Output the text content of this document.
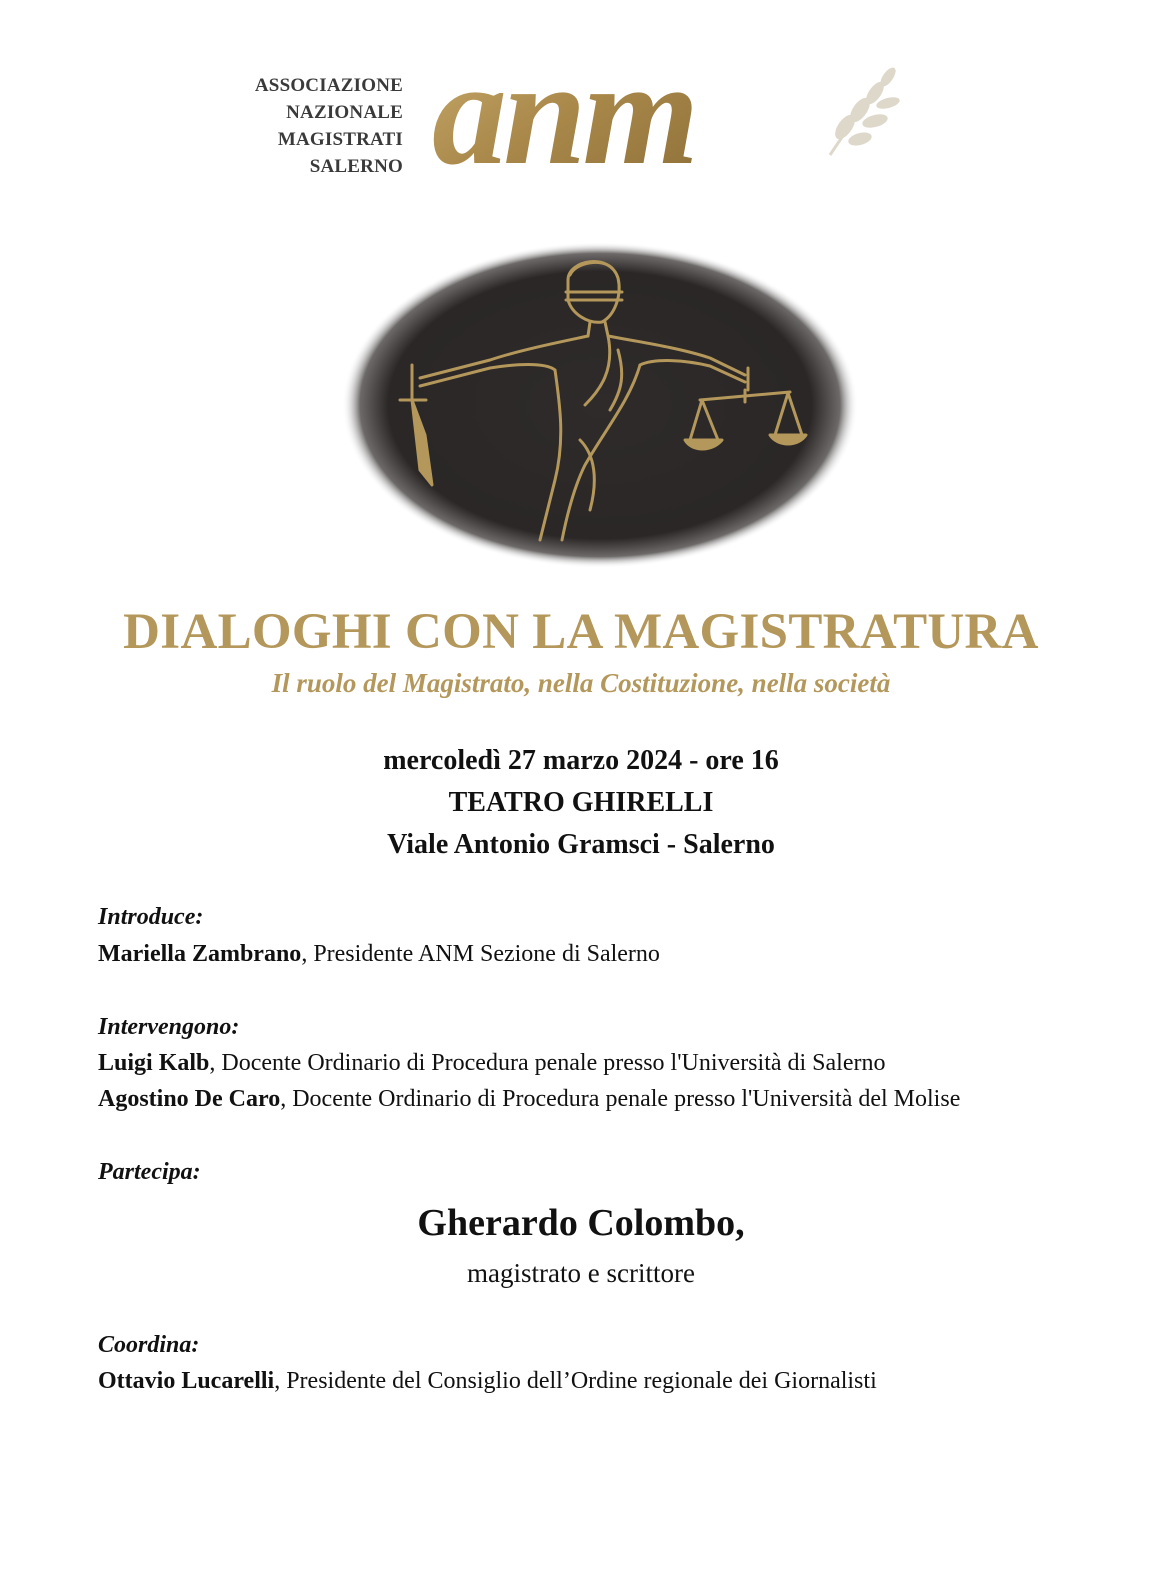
ASSOCIAZIONE
NAZIONALE
MAGISTRATI
SALERNO anm
DIALOGHI CON LA MAGISTRATURA
Il ruolo del Magistrato, nella Costituzione, nella società
mercoledì 27 marzo 2024 - ore 16
TEATRO GHIRELLI
Viale Antonio Gramsci - Salerno
Introduce:
Mariella Zambrano, Presidente ANM Sezione di Salerno
Intervengono:
Luigi Kalb, Docente Ordinario di Procedura penale presso l'Università di Salerno
Agostino De Caro, Docente Ordinario di Procedura penale presso l'Università del Molise
Partecipa:
Gherardo Colombo,
magistrato e scrittore
Coordina:
Ottavio Lucarelli, Presidente del Consiglio dell’Ordine regionale dei Giornalisti
